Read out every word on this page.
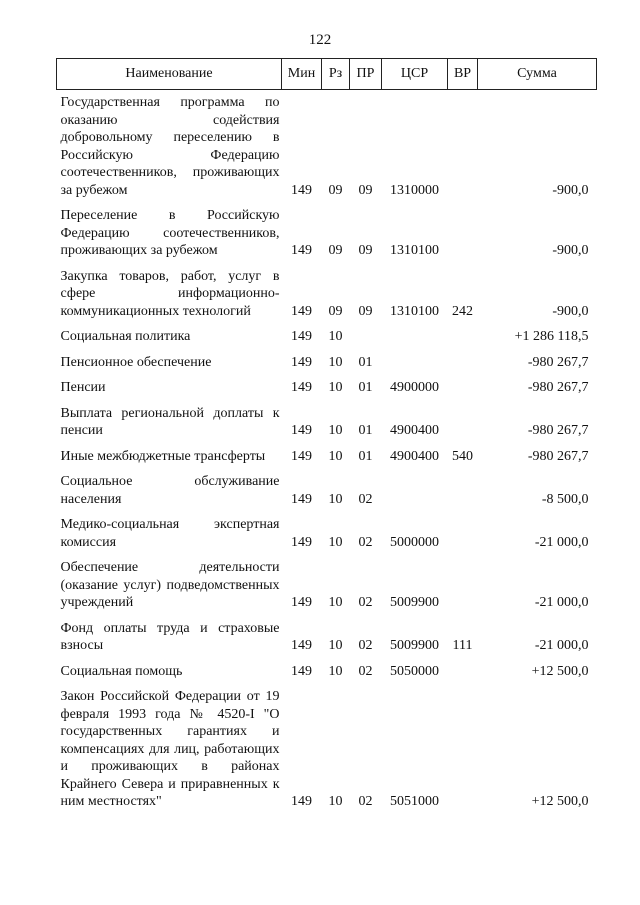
122
Наименование	Мин	Рз	ПР	ЦСР	ВР	Сумма
Государственная программа по оказанию содействия добровольному переселению в Российскую Федерацию соотечественников, проживающих за рубежом	149	09	09	1310000		-900,0
Переселение в Российскую Федерацию соотечественников, проживающих за рубежом	149	09	09	1310100		-900,0
Закупка товаров, работ, услуг в сфере информационно-коммуникационных технологий	149	09	09	1310100	242	-900,0
Социальная политика	149	10				+1 286 118,5
Пенсионное обеспечение	149	10	01			-980 267,7
Пенсии	149	10	01	4900000		-980 267,7
Выплата региональной доплаты к пенсии	149	10	01	4900400		-980 267,7
Иные межбюджетные трансферты	149	10	01	4900400	540	-980 267,7
Социальное обслуживание населения	149	10	02			-8 500,0
Медико-социальная экспертная комиссия	149	10	02	5000000		-21 000,0
Обеспечение деятельности (оказание услуг) подведомственных учреждений	149	10	02	5009900		-21 000,0
Фонд оплаты труда и страховые взносы	149	10	02	5009900	111	-21 000,0
Социальная помощь	149	10	02	5050000		+12 500,0
Закон Российской Федерации от 19 февраля 1993 года № 4520-I "О государственных гарантиях и компенсациях для лиц, работающих и проживающих в районах Крайнего Севера и приравненных к ним местностях"	149	10	02	5051000		+12 500,0
